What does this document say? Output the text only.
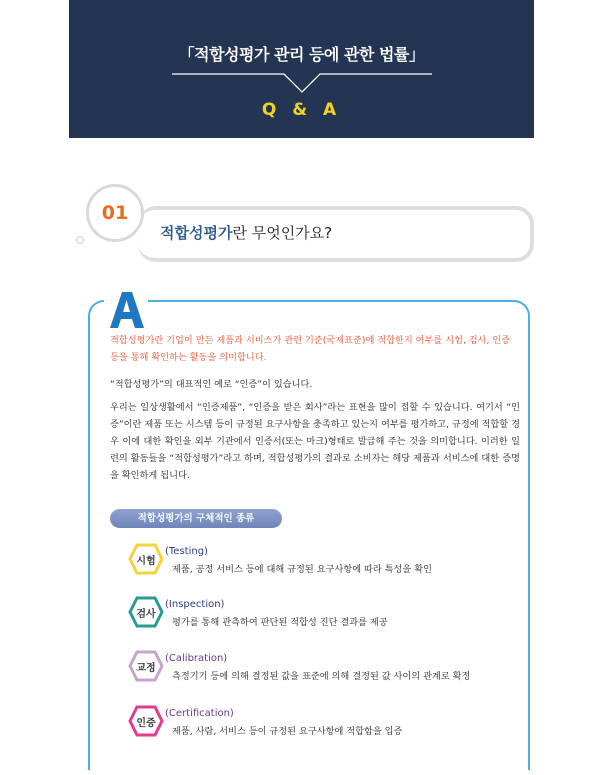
「적합성평가 관리 등에 관한 법률」
Q & A
01
적합성평가란 무엇인가요?
A

적합성평가란 기업이 만든 제품과 서비스가 관련 기준(국제표준)에 적합한지 여부를 시험, 검사, 인증 등을 통해 확인하는 활동을 의미합니다.

“적합성평가”의 대표적인 예로 “인증”이 있습니다.

우리는 일상생활에서 “인증제품”, “인증을 받은 회사”라는 표현을 많이 접할 수 있습니다. 여기서 “인증”이란 제품 또는 시스템 등이 규정된 요구사항을 충족하고 있는지 여부를 평가하고, 규정에 적합할 경우 이에 대한 확인을 외부 기관에서 인증서(또는 마크)형태로 발급해 주는 것을 의미합니다. 이러한 일련의 활동들을 “적합성평가”라고 하며, 적합성평가의 결과로 소비자는 해당 제품과 서비스에 대한 증명을 확인하게 됩니다.

적합성평가의 구체적인 종류
시험
(Testing)
제품, 공정 서비스 등에 대해 규정된 요구사항에 따라 특성을 확인
검사
(Inspection)
평가를 통해 관측하여 판단된 적합성 진단 결과를 제공
교정
(Calibration)
측정기기 등에 의해 결정된 값을 표준에 의해 결정된 값 사이의 관계로 확정
인증
(Certification)
제품, 사람, 서비스 등이 규정된 요구사항에 적합함을 입증
